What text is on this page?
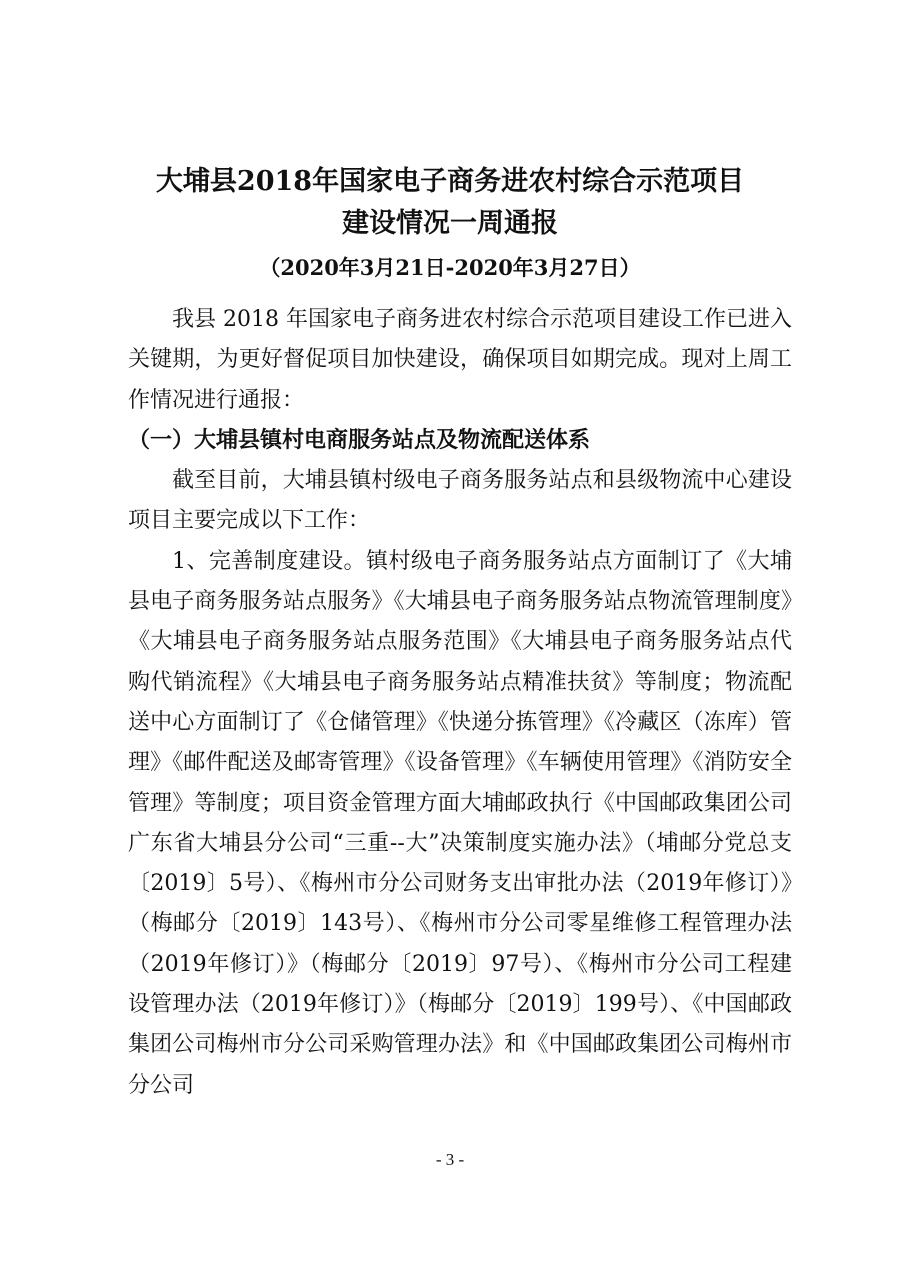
大埔县2018年国家电子商务进农村综合示范项目
建设情况一周通报
（2020年3月21日-2020年3月27日）

我县 2018 年国家电子商务进农村综合示范项目建设工作已进入关键期，为更好督促项目加快建设，确保项目如期完成。现对上周工作情况进行通报：

（一）大埔县镇村电商服务站点及物流配送体系

截至目前，大埔县镇村级电子商务服务站点和县级物流中心建设项目主要完成以下工作：

1、完善制度建设。镇村级电子商务服务站点方面制订了《大埔县电子商务服务站点服务》《大埔县电子商务服务站点物流管理制度》《大埔县电子商务服务站点服务范围》《大埔县电子商务服务站点代购代销流程》《大埔县电子商务服务站点精准扶贫》等制度；物流配送中心方面制订了《仓储管理》《快递分拣管理》《冷藏区（冻库）管理》《邮件配送及邮寄管理》《设备管理》《车辆使用管理》《消防安全管理》等制度；项目资金管理方面大埔邮政执行《中国邮政集团公司广东省大埔县分公司“三重--大”决策制度实施办法》（埔邮分党总支〔2019〕5号）、《梅州市分公司财务支出审批办法（2019年修订）》（梅邮分〔2019〕143号）、《梅州市分公司零星维修工程管理办法（2019年修订）》（梅邮分〔2019〕97号）、《梅州市分公司工程建设管理办法（2019年修订）》（梅邮分〔2019〕199号）、《中国邮政集团公司梅州市分公司采购管理办法》和《中国邮政集团公司梅州市分公司

- 3 -
